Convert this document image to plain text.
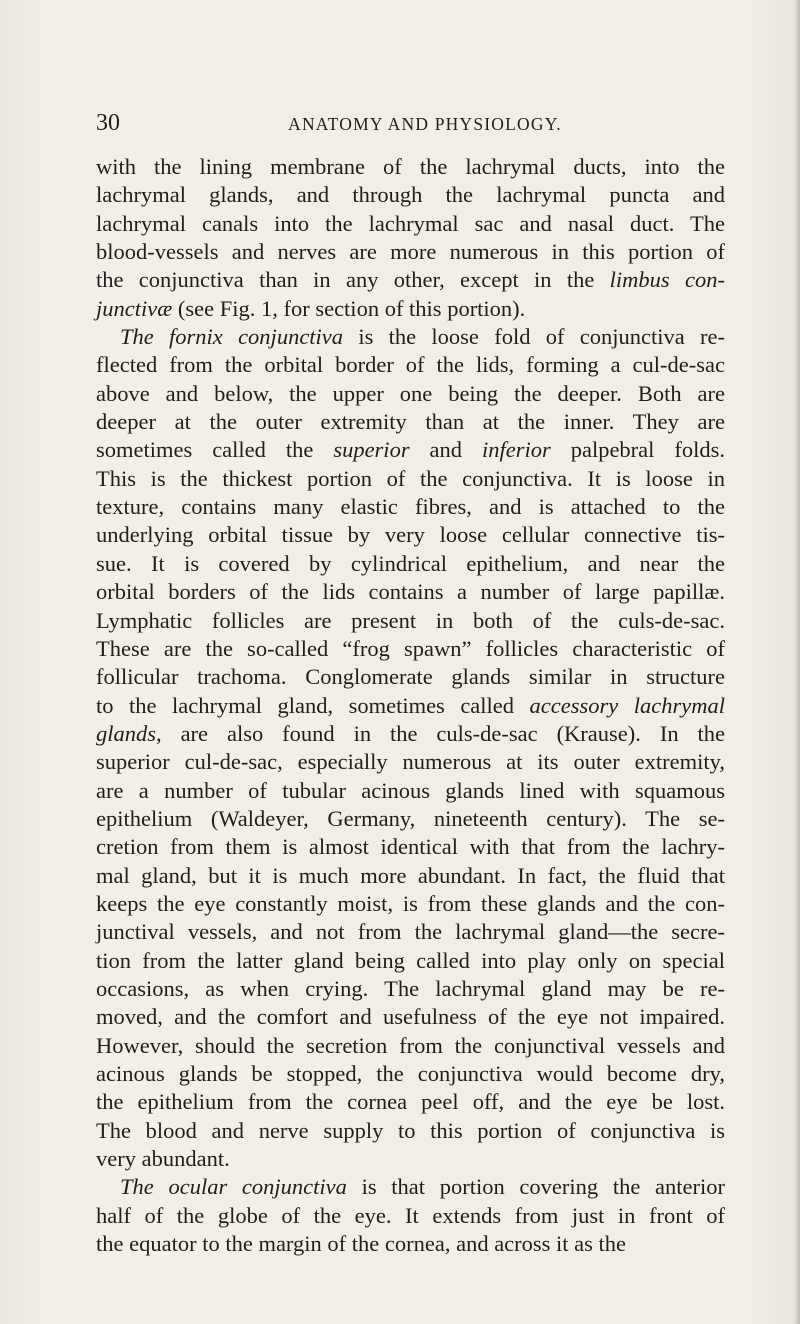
30	ANATOMY AND PHYSIOLOGY.
with the lining membrane of the lachrymal ducts, into the
lachrymal glands, and through the lachrymal puncta and
lachrymal canals into the lachrymal sac and nasal duct. The
blood-vessels and nerves are more numerous in this portion of
the conjunctiva than in any other, except in the limbus con-
junctivæ (see Fig. 1, for section of this portion).
The fornix conjunctiva is the loose fold of conjunctiva re-
flected from the orbital border of the lids, forming a cul-de-sac
above and below, the upper one being the deeper. Both are
deeper at the outer extremity than at the inner. They are
sometimes called the superior and inferior palpebral folds.
This is the thickest portion of the conjunctiva. It is loose in
texture, contains many elastic fibres, and is attached to the
underlying orbital tissue by very loose cellular connective tis-
sue. It is covered by cylindrical epithelium, and near the
orbital borders of the lids contains a number of large papillæ.
Lymphatic follicles are present in both of the culs-de-sac.
These are the so-called “frog spawn” follicles characteristic of
follicular trachoma. Conglomerate glands similar in structure
to the lachrymal gland, sometimes called accessory lachrymal
glands, are also found in the culs-de-sac (Krause). In the
superior cul-de-sac, especially numerous at its outer extremity,
are a number of tubular acinous glands lined with squamous
epithelium (Waldeyer, Germany, nineteenth century). The se-
cretion from them is almost identical with that from the lachry-
mal gland, but it is much more abundant. In fact, the fluid that
keeps the eye constantly moist, is from these glands and the con-
junctival vessels, and not from the lachrymal gland—the secre-
tion from the latter gland being called into play only on special
occasions, as when crying. The lachrymal gland may be re-
moved, and the comfort and usefulness of the eye not impaired.
However, should the secretion from the conjunctival vessels and
acinous glands be stopped, the conjunctiva would become dry,
the epithelium from the cornea peel off, and the eye be lost.
The blood and nerve supply to this portion of conjunctiva is
very abundant.
The ocular conjunctiva is that portion covering the anterior
half of the globe of the eye. It extends from just in front of
the equator to the margin of the cornea, and across it as the
